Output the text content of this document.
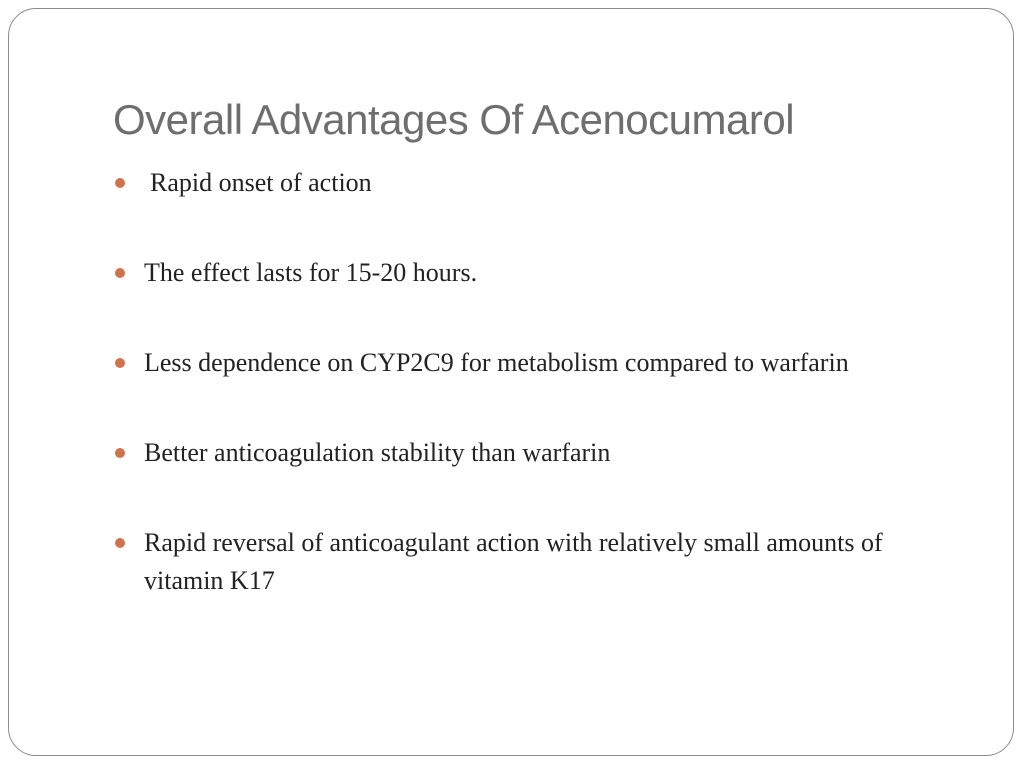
Overall Advantages Of Acenocumarol
Rapid onset of action
The effect lasts for 15-20 hours.
Less dependence on CYP2C9 for metabolism compared to warfarin
Better anticoagulation stability than warfarin
Rapid reversal of anticoagulant action with relatively small amounts of vitamin K17
